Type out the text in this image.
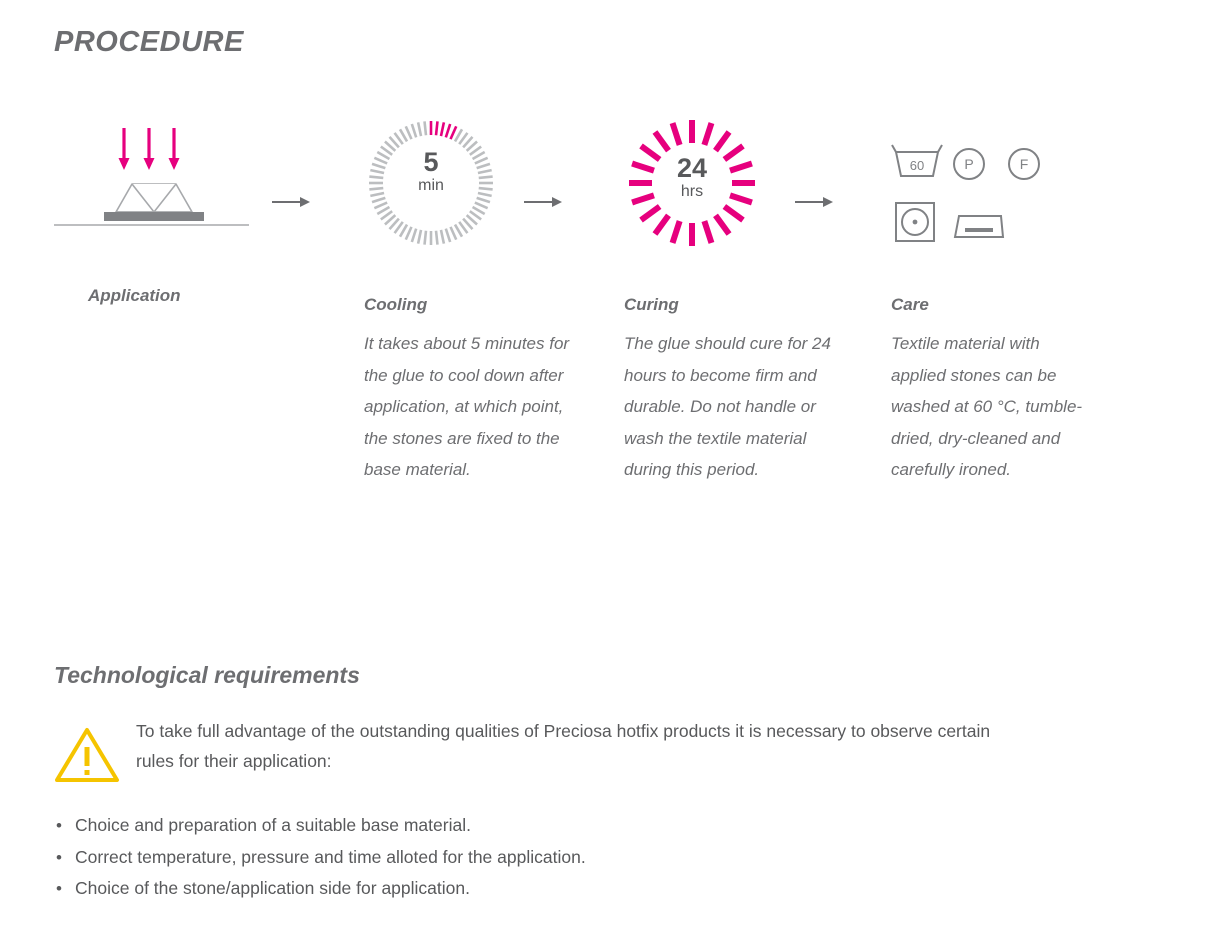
PROCEDURE
Application
5
min
Cooling
It takes about 5 minutes for the glue to cool down after application, at which point, the stones are fixed to the base material.
24
hrs
Curing
The glue should cure for 24 hours to become firm and durable. Do not handle or wash the textile material during this period.
60	P	F
Care
Textile material with applied stones can be washed at 60 °C, tumble-dried, dry-cleaned and carefully ironed.
Technological requirements
To take full advantage of the outstanding qualities of Preciosa hotfix products it is necessary to observe certain rules for their application:
• Choice and preparation of a suitable base material.
• Correct temperature, pressure and time alloted for the application.
• Choice of the stone/application side for application.
